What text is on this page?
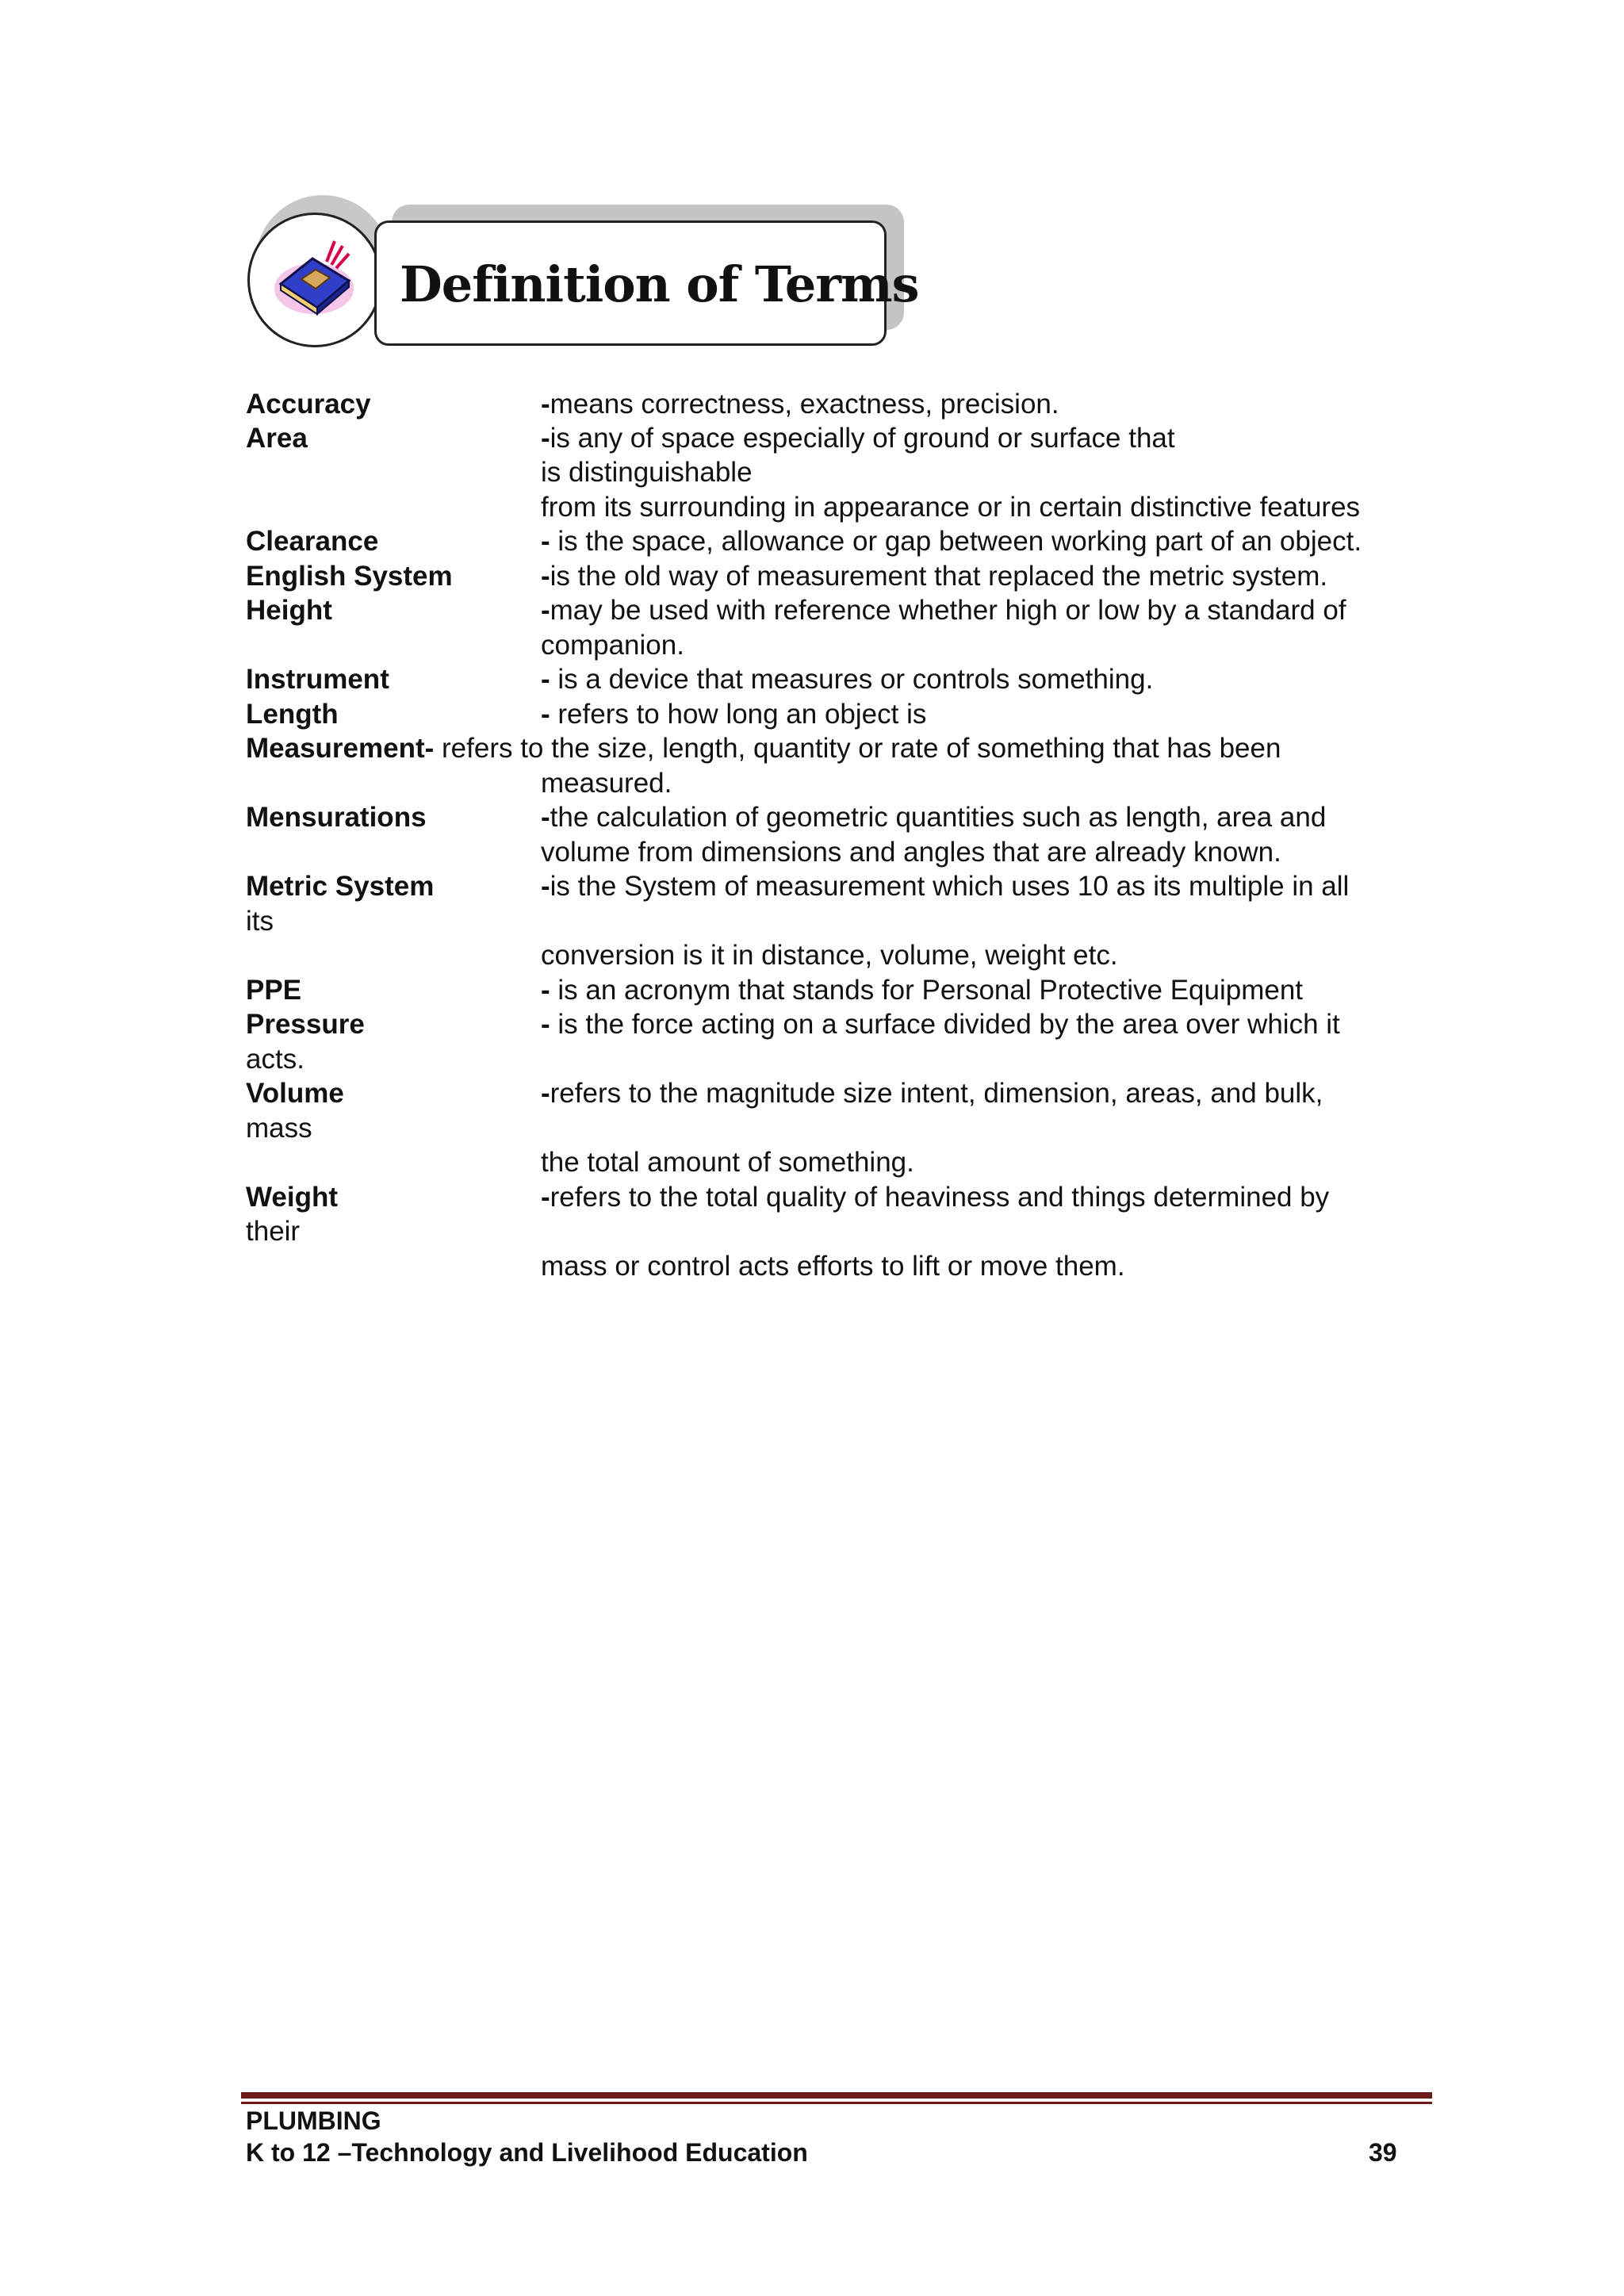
Definition of Terms
Accuracy	-means correctness, exactness, precision.
Area	-is any of space especially of ground or surface that
is distinguishable
from its surrounding in appearance or in certain distinctive features
Clearance	- is the space, allowance or gap between working part of an object.
English System	-is the old way of measurement that replaced the metric system.
Height	-may be used with reference whether high or low by a standard of
companion.
Instrument	- is a device that measures or controls something.
Length	- refers to how long an object is
Measurement- refers to the size, length, quantity or rate of something that has been
measured.
Mensurations	-the calculation of geometric quantities such as length, area and
volume from dimensions and angles that are already known.
Metric System	-is the System of measurement which uses 10 as its multiple in all
its
conversion is it in distance, volume, weight etc.
PPE	- is an acronym that stands for Personal Protective Equipment
Pressure	- is the force acting on a surface divided by the area over which it
acts.
Volume	-refers to the magnitude size intent, dimension, areas, and bulk,
mass
the total amount of something.
Weight	-refers to the total quality of heaviness and things determined by
their
mass or control acts efforts to lift or move them.
PLUMBING
K to 12 –Technology and Livelihood Education	39
